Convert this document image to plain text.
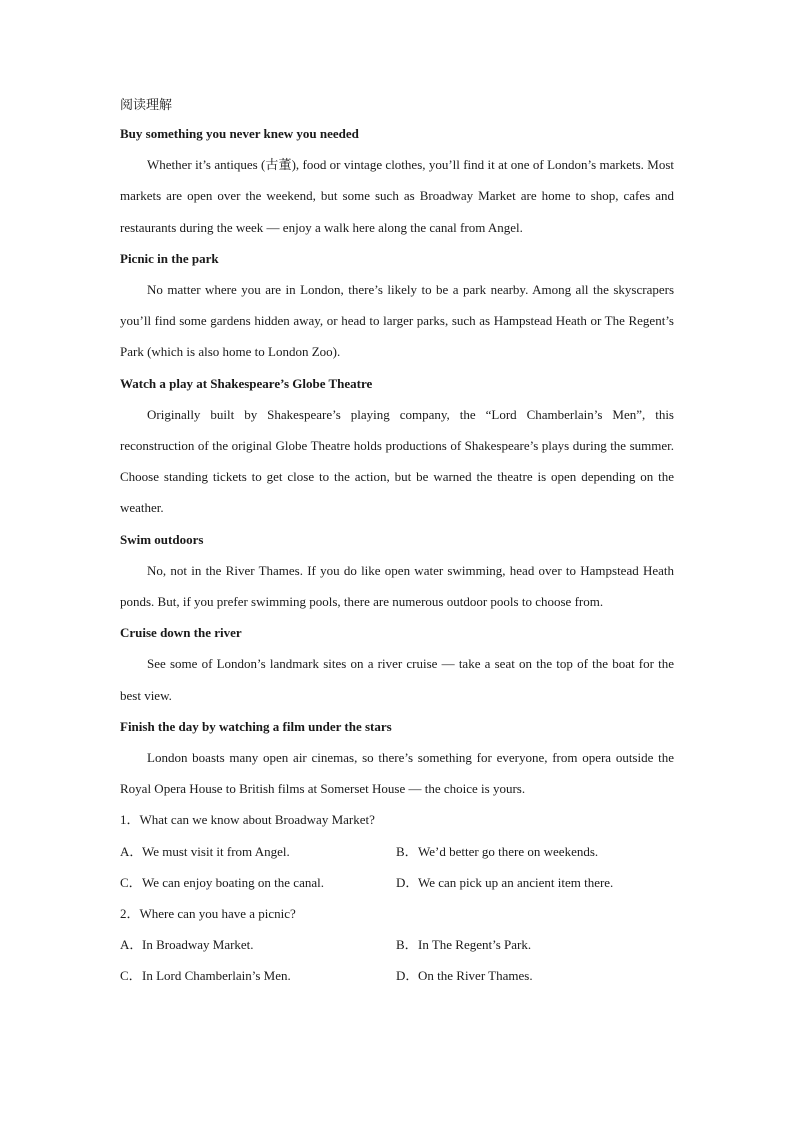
阅读理解

Buy something you never knew you needed

Whether it’s antiques (古董), food or vintage clothes, you’ll find it at one of London’s markets. Most markets are open over the weekend, but some such as Broadway Market are home to shop, cafes and restaurants during the week — enjoy a walk here along the canal from Angel.

Picnic in the park

No matter where you are in London, there’s likely to be a park nearby. Among all the skyscrapers you’ll find some gardens hidden away, or head to larger parks, such as Hampstead Heath or The Regent’s Park (which is also home to London Zoo).

Watch a play at Shakespeare’s Globe Theatre

Originally built by Shakespeare’s playing company, the “Lord Chamberlain’s Men”, this reconstruction of the original Globe Theatre holds productions of Shakespeare’s plays during the summer. Choose standing tickets to get close to the action, but be warned the theatre is open depending on the weather.

Swim outdoors

No, not in the River Thames. If you do like open water swimming, head over to Hampstead Heath ponds. But, if you prefer swimming pools, there are numerous outdoor pools to choose from.

Cruise down the river

See some of London’s landmark sites on a river cruise — take a seat on the top of the boat for the best view.

Finish the day by watching a film under the stars

London boasts many open air cinemas, so there’s something for everyone, from opera outside the Royal Opera House to British films at Somerset House — the choice is yours.

1．What can we know about Broadway Market?

A．We must visit it from Angel.	B．We’d better go there on weekends.
C．We can enjoy boating on the canal.	D．We can pick up an ancient item there.

2．Where can you have a picnic?

A．In Broadway Market.	B．In The Regent’s Park.
C．In Lord Chamberlain’s Men.	D．On the River Thames.
